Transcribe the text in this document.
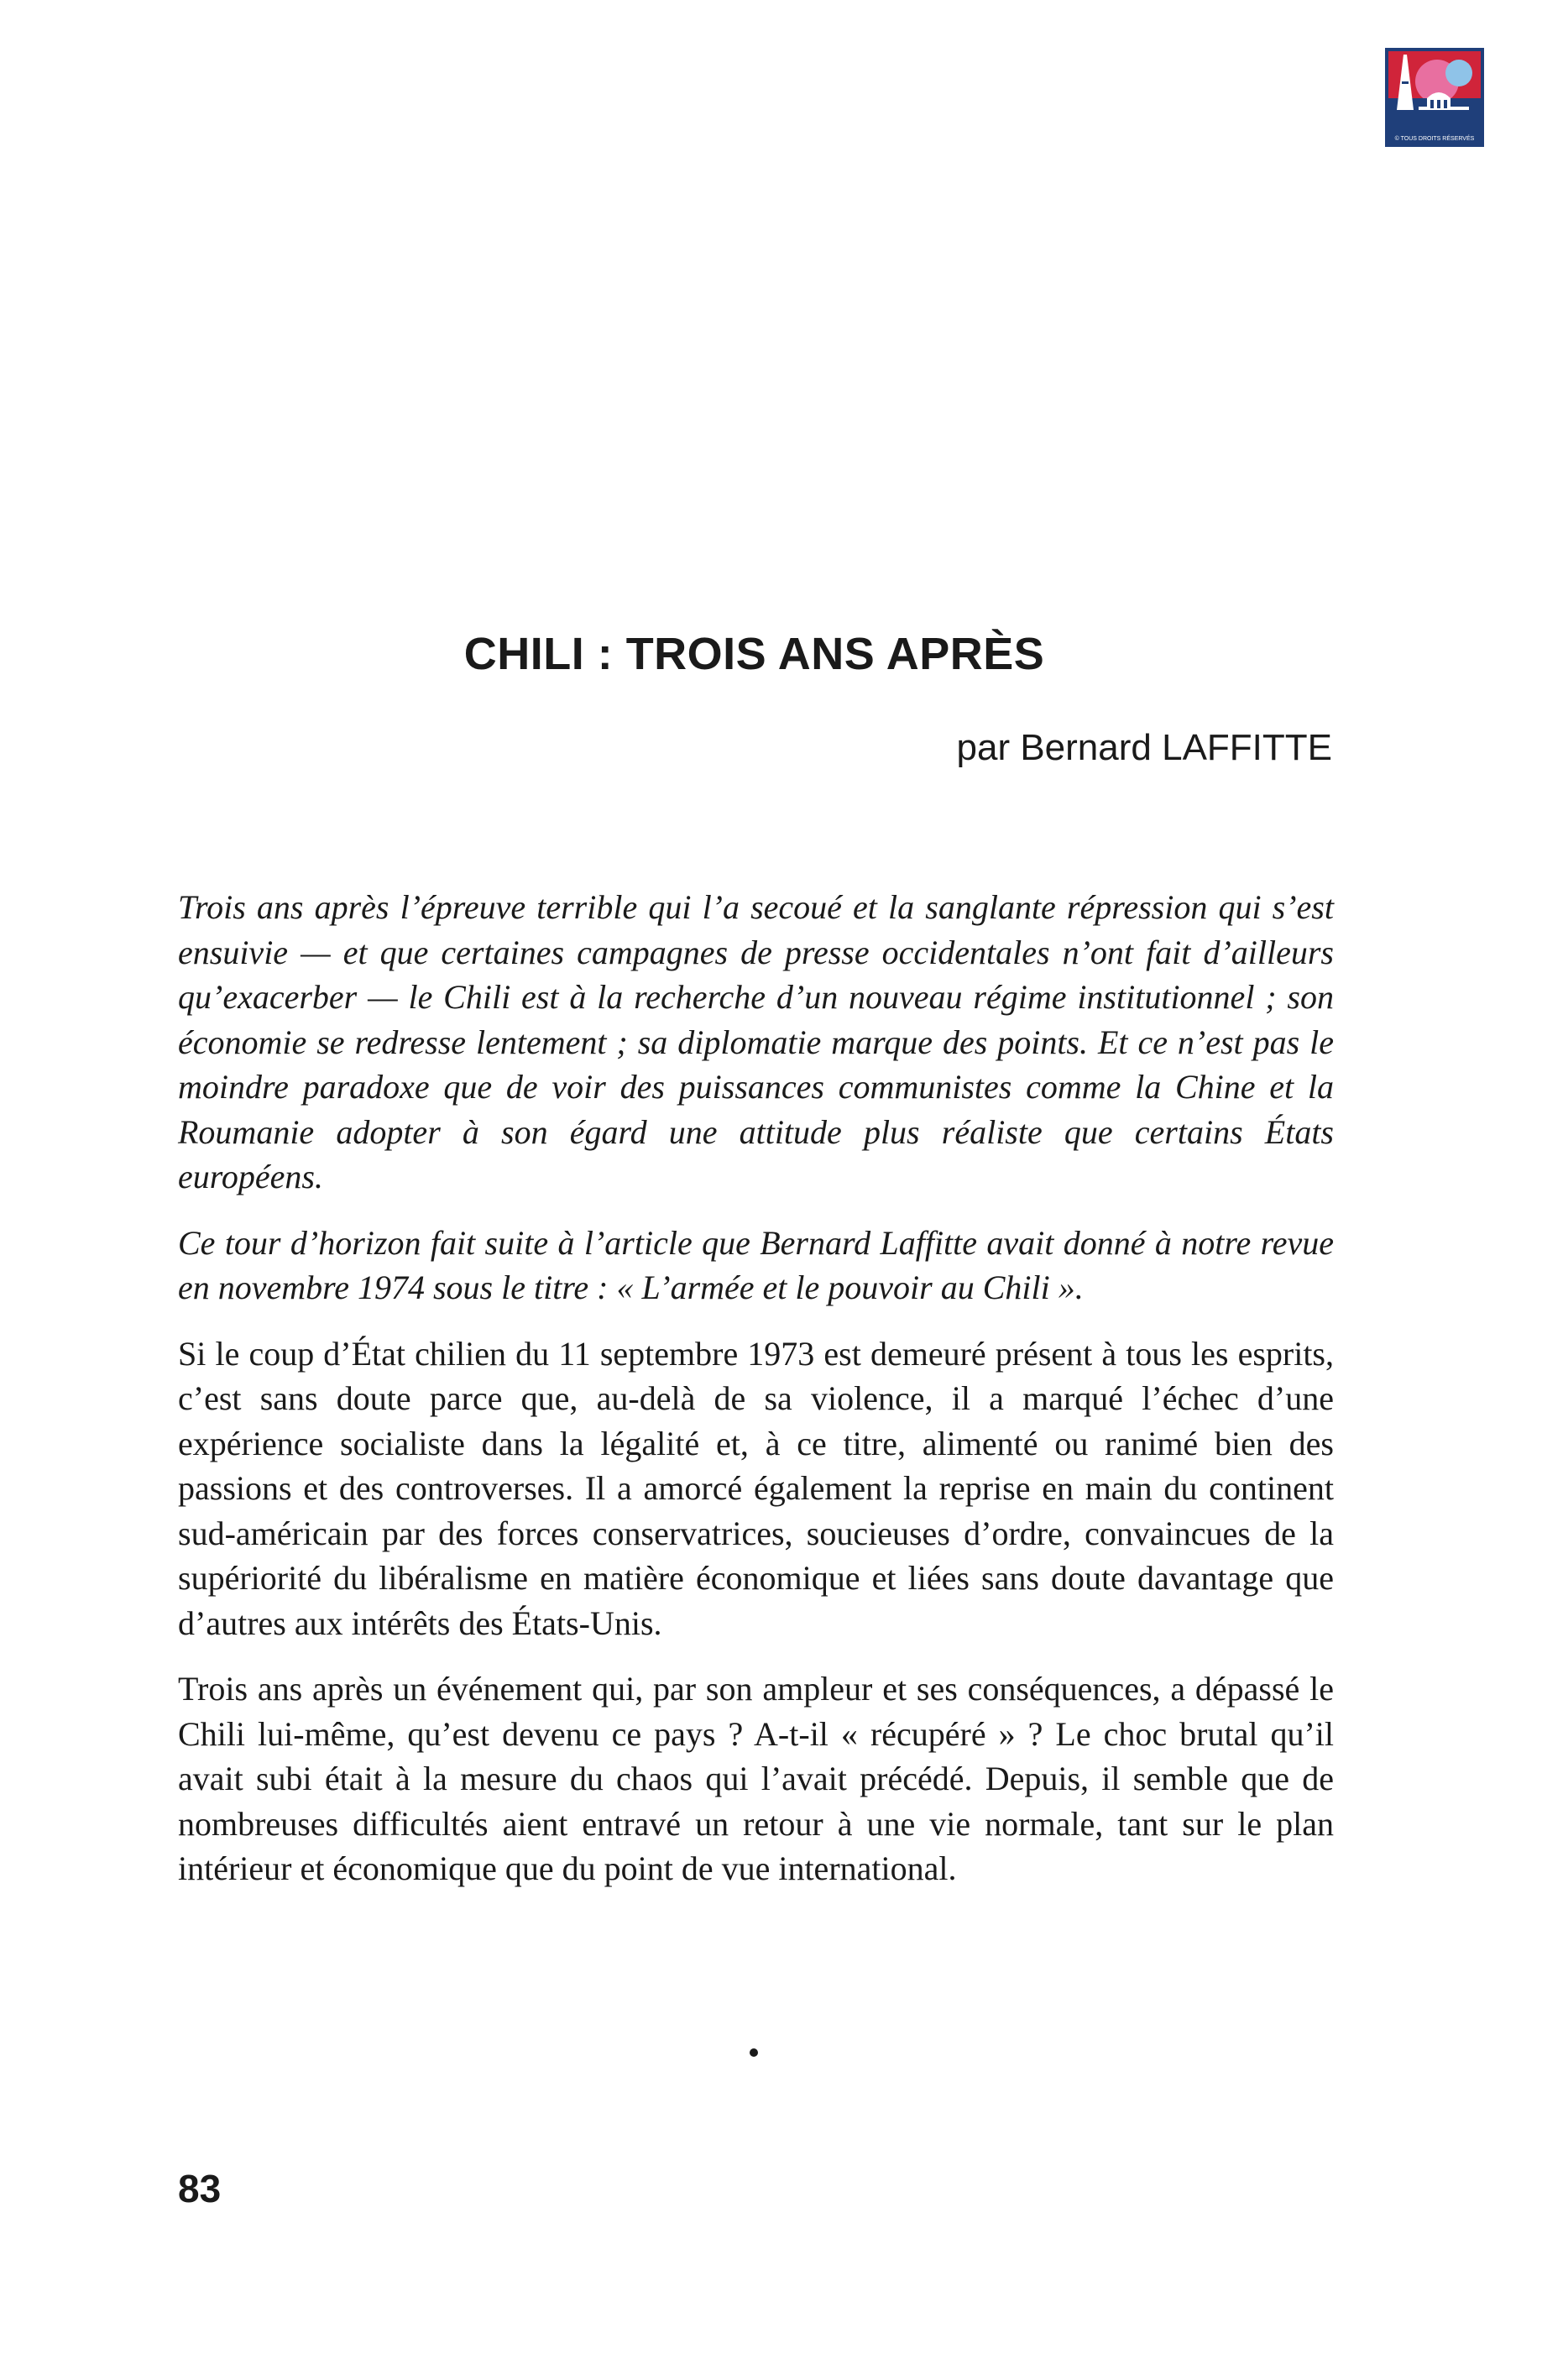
© TOUS DROITS RÉSERVÉS
CHILI : TROIS ANS APRÈS
par Bernard LAFFITTE

Trois ans après l’épreuve terrible qui l’a secoué et la sanglante répression qui s’est ensuivie — et que certaines campagnes de presse occidentales n’ont fait d’ailleurs qu’exacerber — le Chili est à la recherche d’un nouveau régime institutionnel ; son économie se redresse lentement ; sa diplomatie marque des points. Et ce n’est pas le moindre paradoxe que de voir des puissances communistes comme la Chine et la Roumanie adopter à son égard une attitude plus réaliste que certains États européens.

Ce tour d’horizon fait suite à l’article que Bernard Laffitte avait donné à notre revue en novembre 1974 sous le titre : « L’armée et le pouvoir au Chili ».

Si le coup d’État chilien du 11 septembre 1973 est demeuré présent à tous les esprits, c’est sans doute parce que, au-delà de sa violence, il a marqué l’échec d’une expérience socialiste dans la légalité et, à ce titre, alimenté ou ranimé bien des passions et des controverses. Il a amorcé également la reprise en main du continent sud-américain par des forces conservatrices, soucieuses d’ordre, convaincues de la supériorité du libéralisme en matière économique et liées sans doute davantage que d’autres aux intérêts des États-Unis.

Trois ans après un événement qui, par son ampleur et ses conséquences, a dépassé le Chili lui-même, qu’est devenu ce pays ? A-t-il « récupéré » ? Le choc brutal qu’il avait subi était à la mesure du chaos qui l’avait précédé. Depuis, il semble que de nombreuses difficultés aient entravé un retour à une vie normale, tant sur le plan intérieur et économique que du point de vue international.

83
